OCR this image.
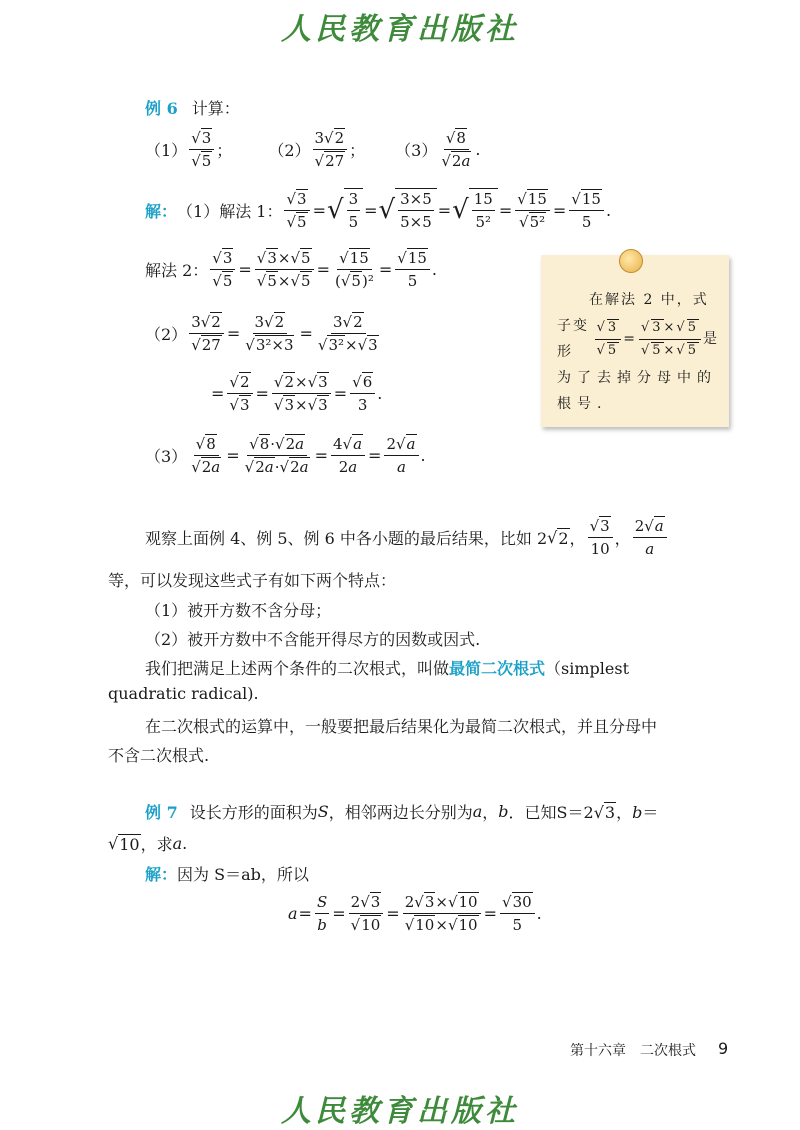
人民教育出版社
例 6 计算：
（1）
√ 3
√ 5 ； （2） 3√ 2
√ 27 ； （3）
√ 8
√ 2a .
解： （1）解法 1：
√ 3
√ 5 =
√ $\frac{3}{5}$ =
√ $\frac{3\times 5}{5\times 5}$ =
√ $\frac{15}{\text{5²}}$ =
√ 15
√ 5² =
√ $\frac{15}{5}$ .
解法 2：
√ 3
√ 5 =
√ 3×√ 5
√ 5×√ 5 =
√ $\frac{15}{\text{(√ 5)²}}$ =
√ $\frac{15}{5}$ .
（2） 3√ 2
√ 27 = 3√ 2
√ 3²×3 = 3√ 2
√ 3²×√ 3
=
√ 2
√ 3 =
√ 2×√ 3
√ 3×√ 3 =
√ $\frac{6}{3}$ .
（3）
√ 8
√ 2a =
√ 8·√ 2a
√ 2a·√ $2a = \frac{4√ a}{2a} = \frac{2√ a}{a}$ .
在解法 2 中，式
子变形
√	3
√ 5 =
√ 3×√ 5
√ 5×√ 5 是
为了去掉分母中的根号.
观察上面例 4、例 5、例 6 中各小题的最后结果，比如 2
√ 2 ，
√ $\frac{3}{10}$ ， $\frac{2√ a}{a}$
等，可以发现这些式子有如下两个特点：
（1）被开方数不含分母；
（2）被开方数中不含能开得尽方的因数或因式.
我们把满足上述两个条件的二次根式，叫做最简二次根式（simplest
quadratic radical).
在二次根式的运算中，一般要把最后结果化为最简二次根式，并且分母中
不含二次根式.
例 7 设长方形的面积为 S ，相邻两边长分别为 a ， b ．已知 S＝2√ 3，b＝
√
10 ，求 a .
解： 因为 S＝ab，所以
$a = \frac{S}{b} = 2√$ 3
√ 10 = 2√ 3×√ 10
√ 10×√ 10 =
√ $\frac{30}{5}$ .
第十六章　二次根式 9
人民教育出版社
